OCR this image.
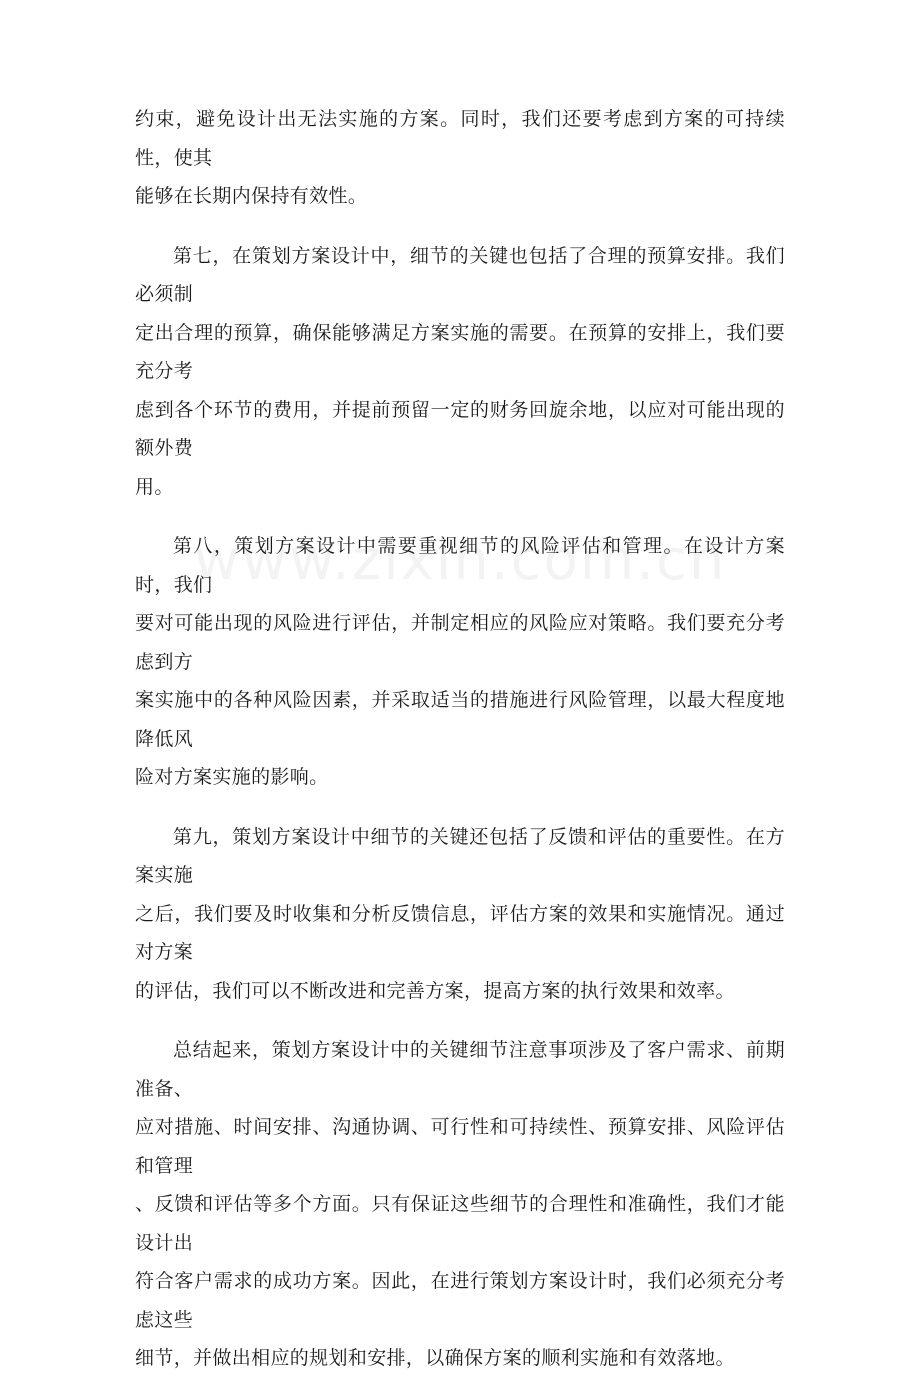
约束，避免设计出无法实施的方案。同时，我们还要考虑到方案的可持续性，使其
能够在长期内保持有效性。

第七，在策划方案设计中，细节的关键也包括了合理的预算安排。我们必须制
定出合理的预算，确保能够满足方案实施的需要。在预算的安排上，我们要充分考
虑到各个环节的费用，并提前预留一定的财务回旋余地，以应对可能出现的额外费
用。

第八，策划方案设计中需要重视细节的风险评估和管理。在设计方案时，我们
要对可能出现的风险进行评估，并制定相应的风险应对策略。我们要充分考虑到方
案实施中的各种风险因素，并采取适当的措施进行风险管理，以最大程度地降低风
险对方案实施的影响。

第九，策划方案设计中细节的关键还包括了反馈和评估的重要性。在方案实施
之后，我们要及时收集和分析反馈信息，评估方案的效果和实施情况。通过对方案
的评估，我们可以不断改进和完善方案，提高方案的执行效果和效率。

总结起来，策划方案设计中的关键细节注意事项涉及了客户需求、前期准备、
应对措施、时间安排、沟通协调、可行性和可持续性、预算安排、风险评估和管理
、反馈和评估等多个方面。只有保证这些细节的合理性和准确性，我们才能设计出
符合客户需求的成功方案。因此，在进行策划方案设计时，我们必须充分考虑这些
细节，并做出相应的规划和安排，以确保方案的顺利实施和有效落地。
